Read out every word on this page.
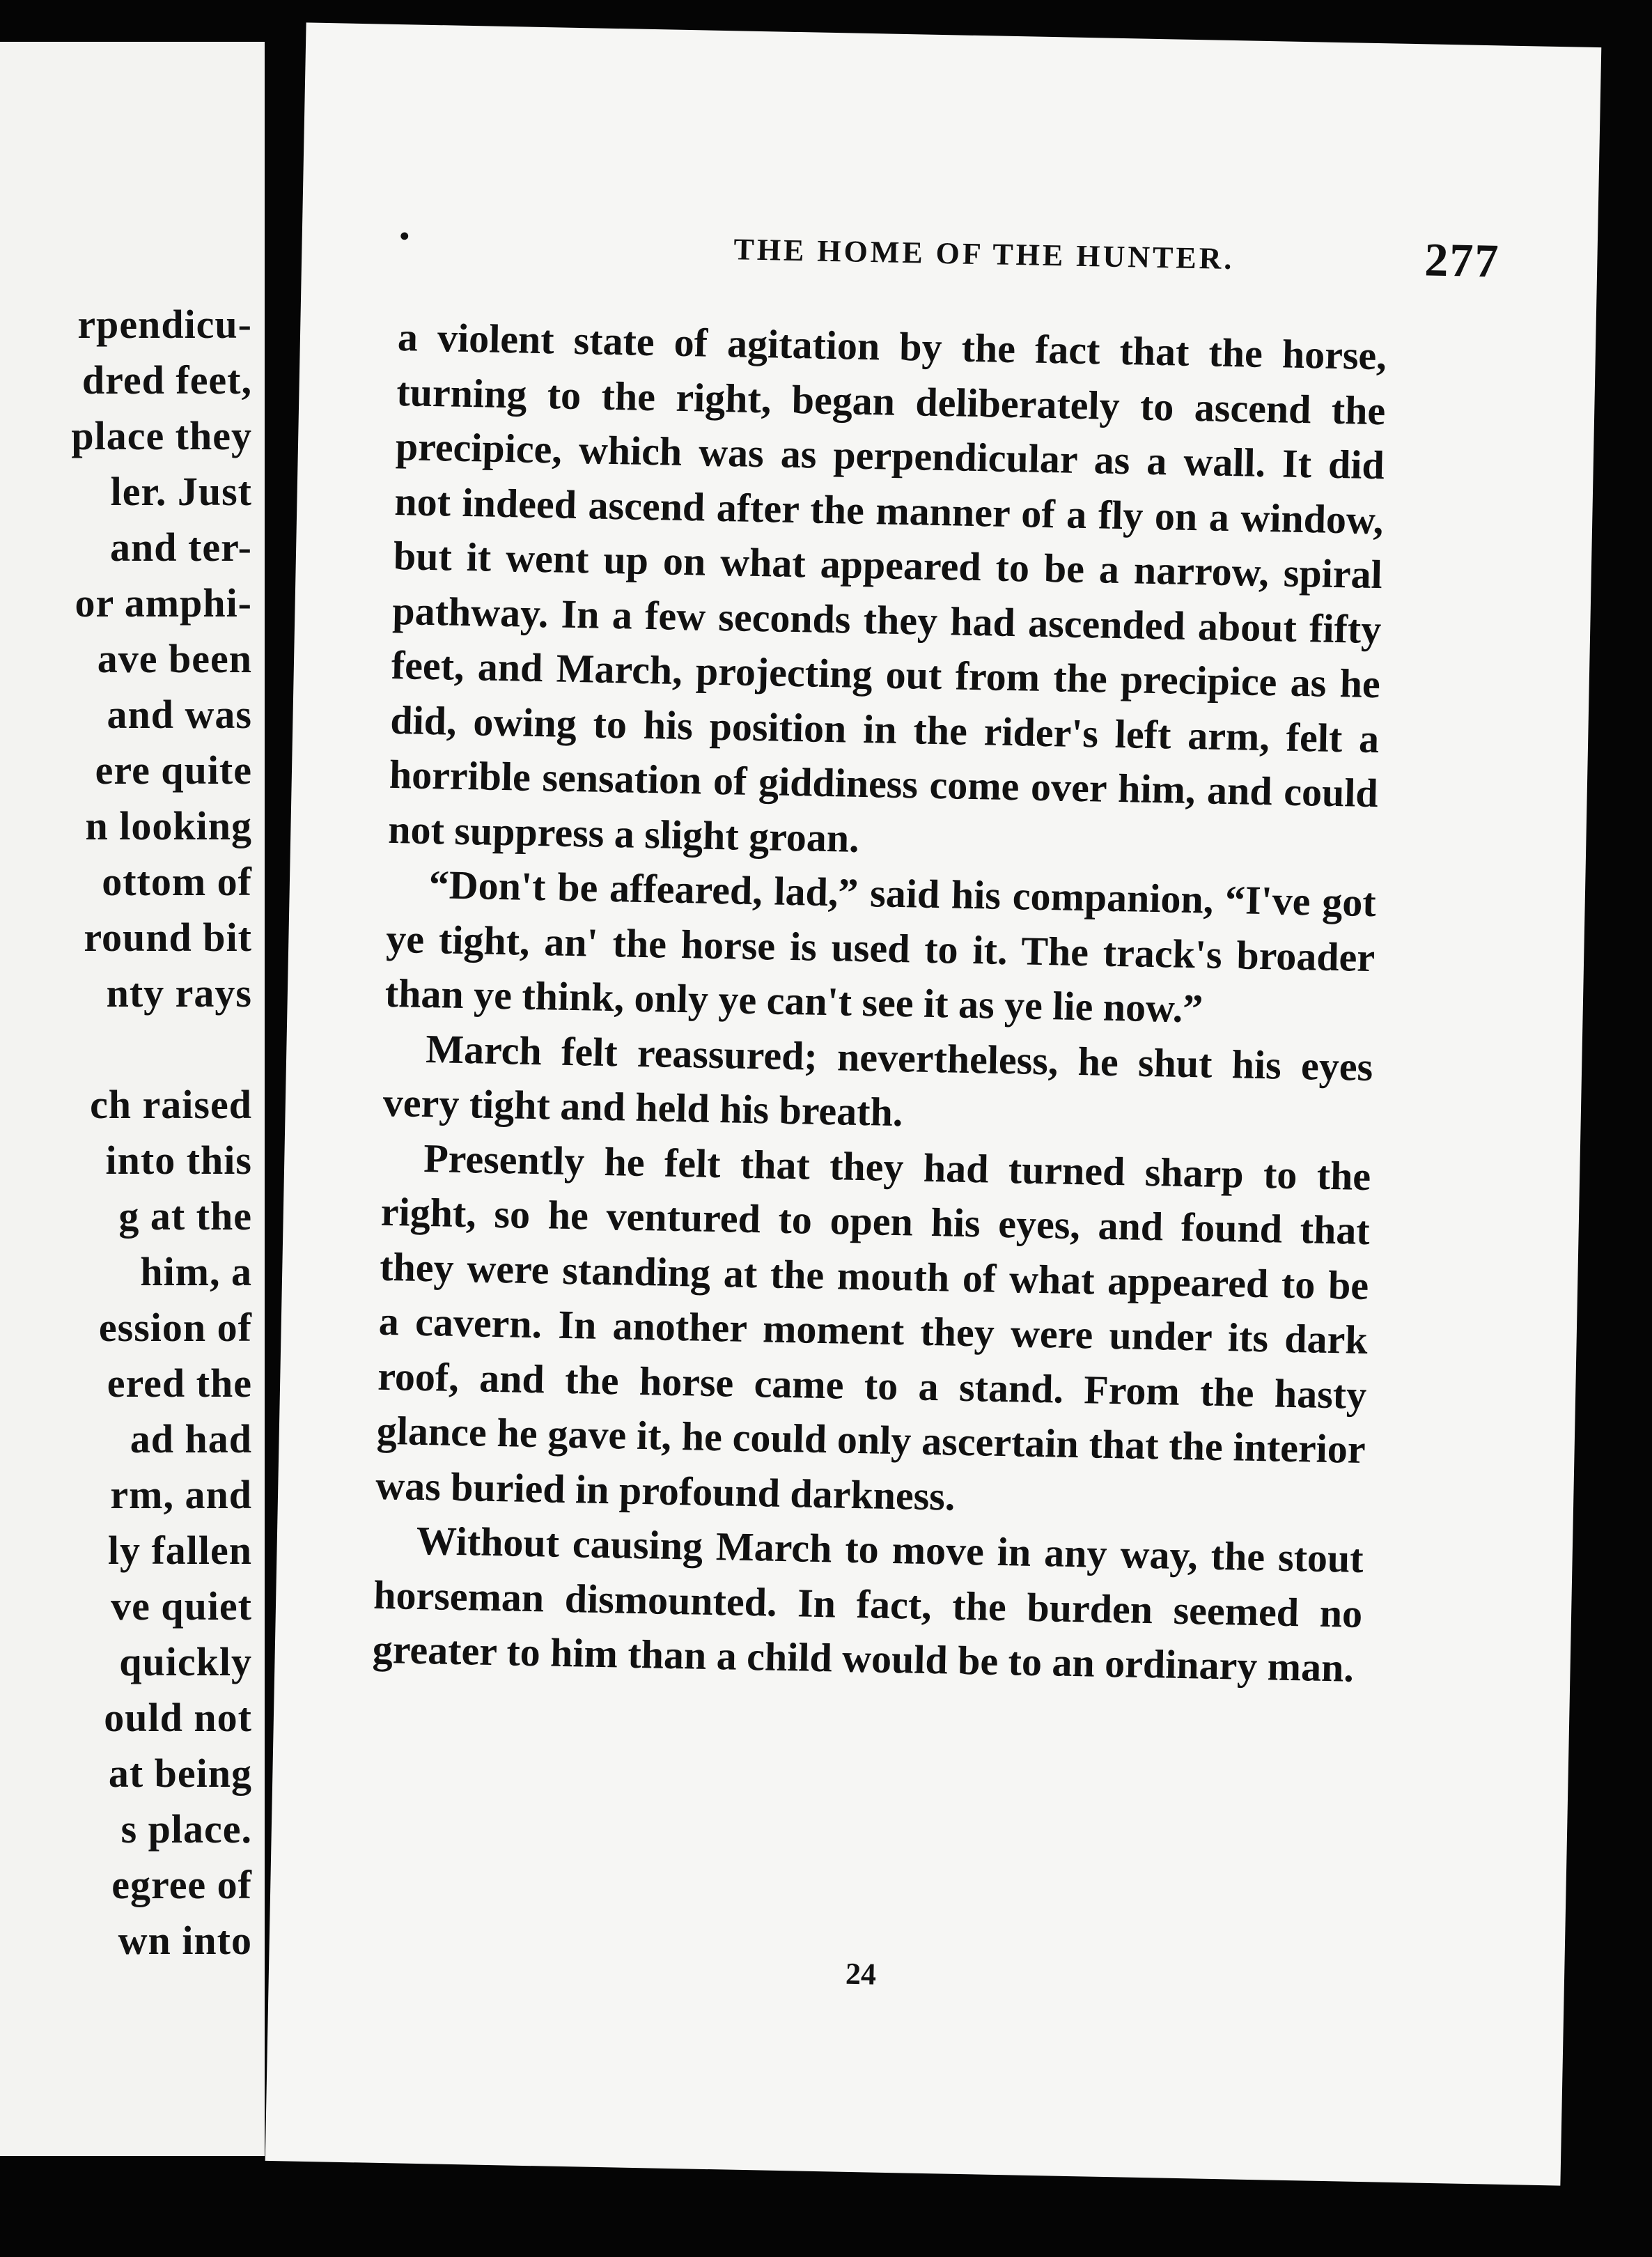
rpendicu-
dred feet,
place they
ler. Just
and ter-
or amphi-
ave been
and was
ere quite
n looking
ottom of
round bit
nty rays
ch raised
into this
g at the
him, a
ession of
ered the
ad had
rm, and
ly fallen
ve quiet
quickly
ould not
at being
s place.
egree of
wn into
•	THE HOME OF THE HUNTER.	277

a violent state of agitation by the fact that the horse, turning to the right, began deliberately to ascend the precipice, which was as perpendicular as a wall. It did not indeed ascend after the manner of a fly on a window, but it went up on what appeared to be a narrow, spiral pathway. In a few seconds they had ascended about fifty feet, and March, projecting out from the precipice as he did, owing to his position in the rider's left arm, felt a horrible sensation of giddiness come over him, and could not suppress a slight groan.

“Don't be affeared, lad,” said his companion, “I've got ye tight, an' the horse is used to it. The track's broader than ye think, only ye can't see it as ye lie now.”

March felt reassured; nevertheless, he shut his eyes very tight and held his breath.

Presently he felt that they had turned sharp to the right, so he ventured to open his eyes, and found that they were standing at the mouth of what appeared to be a cavern. In another moment they were under its dark roof, and the horse came to a stand. From the hasty glance he gave it, he could only ascertain that the interior was buried in profound darkness.

Without causing March to move in any way, the stout horseman dismounted. In fact, the burden seemed no greater to him than a child would be to an ordinary man.

24
